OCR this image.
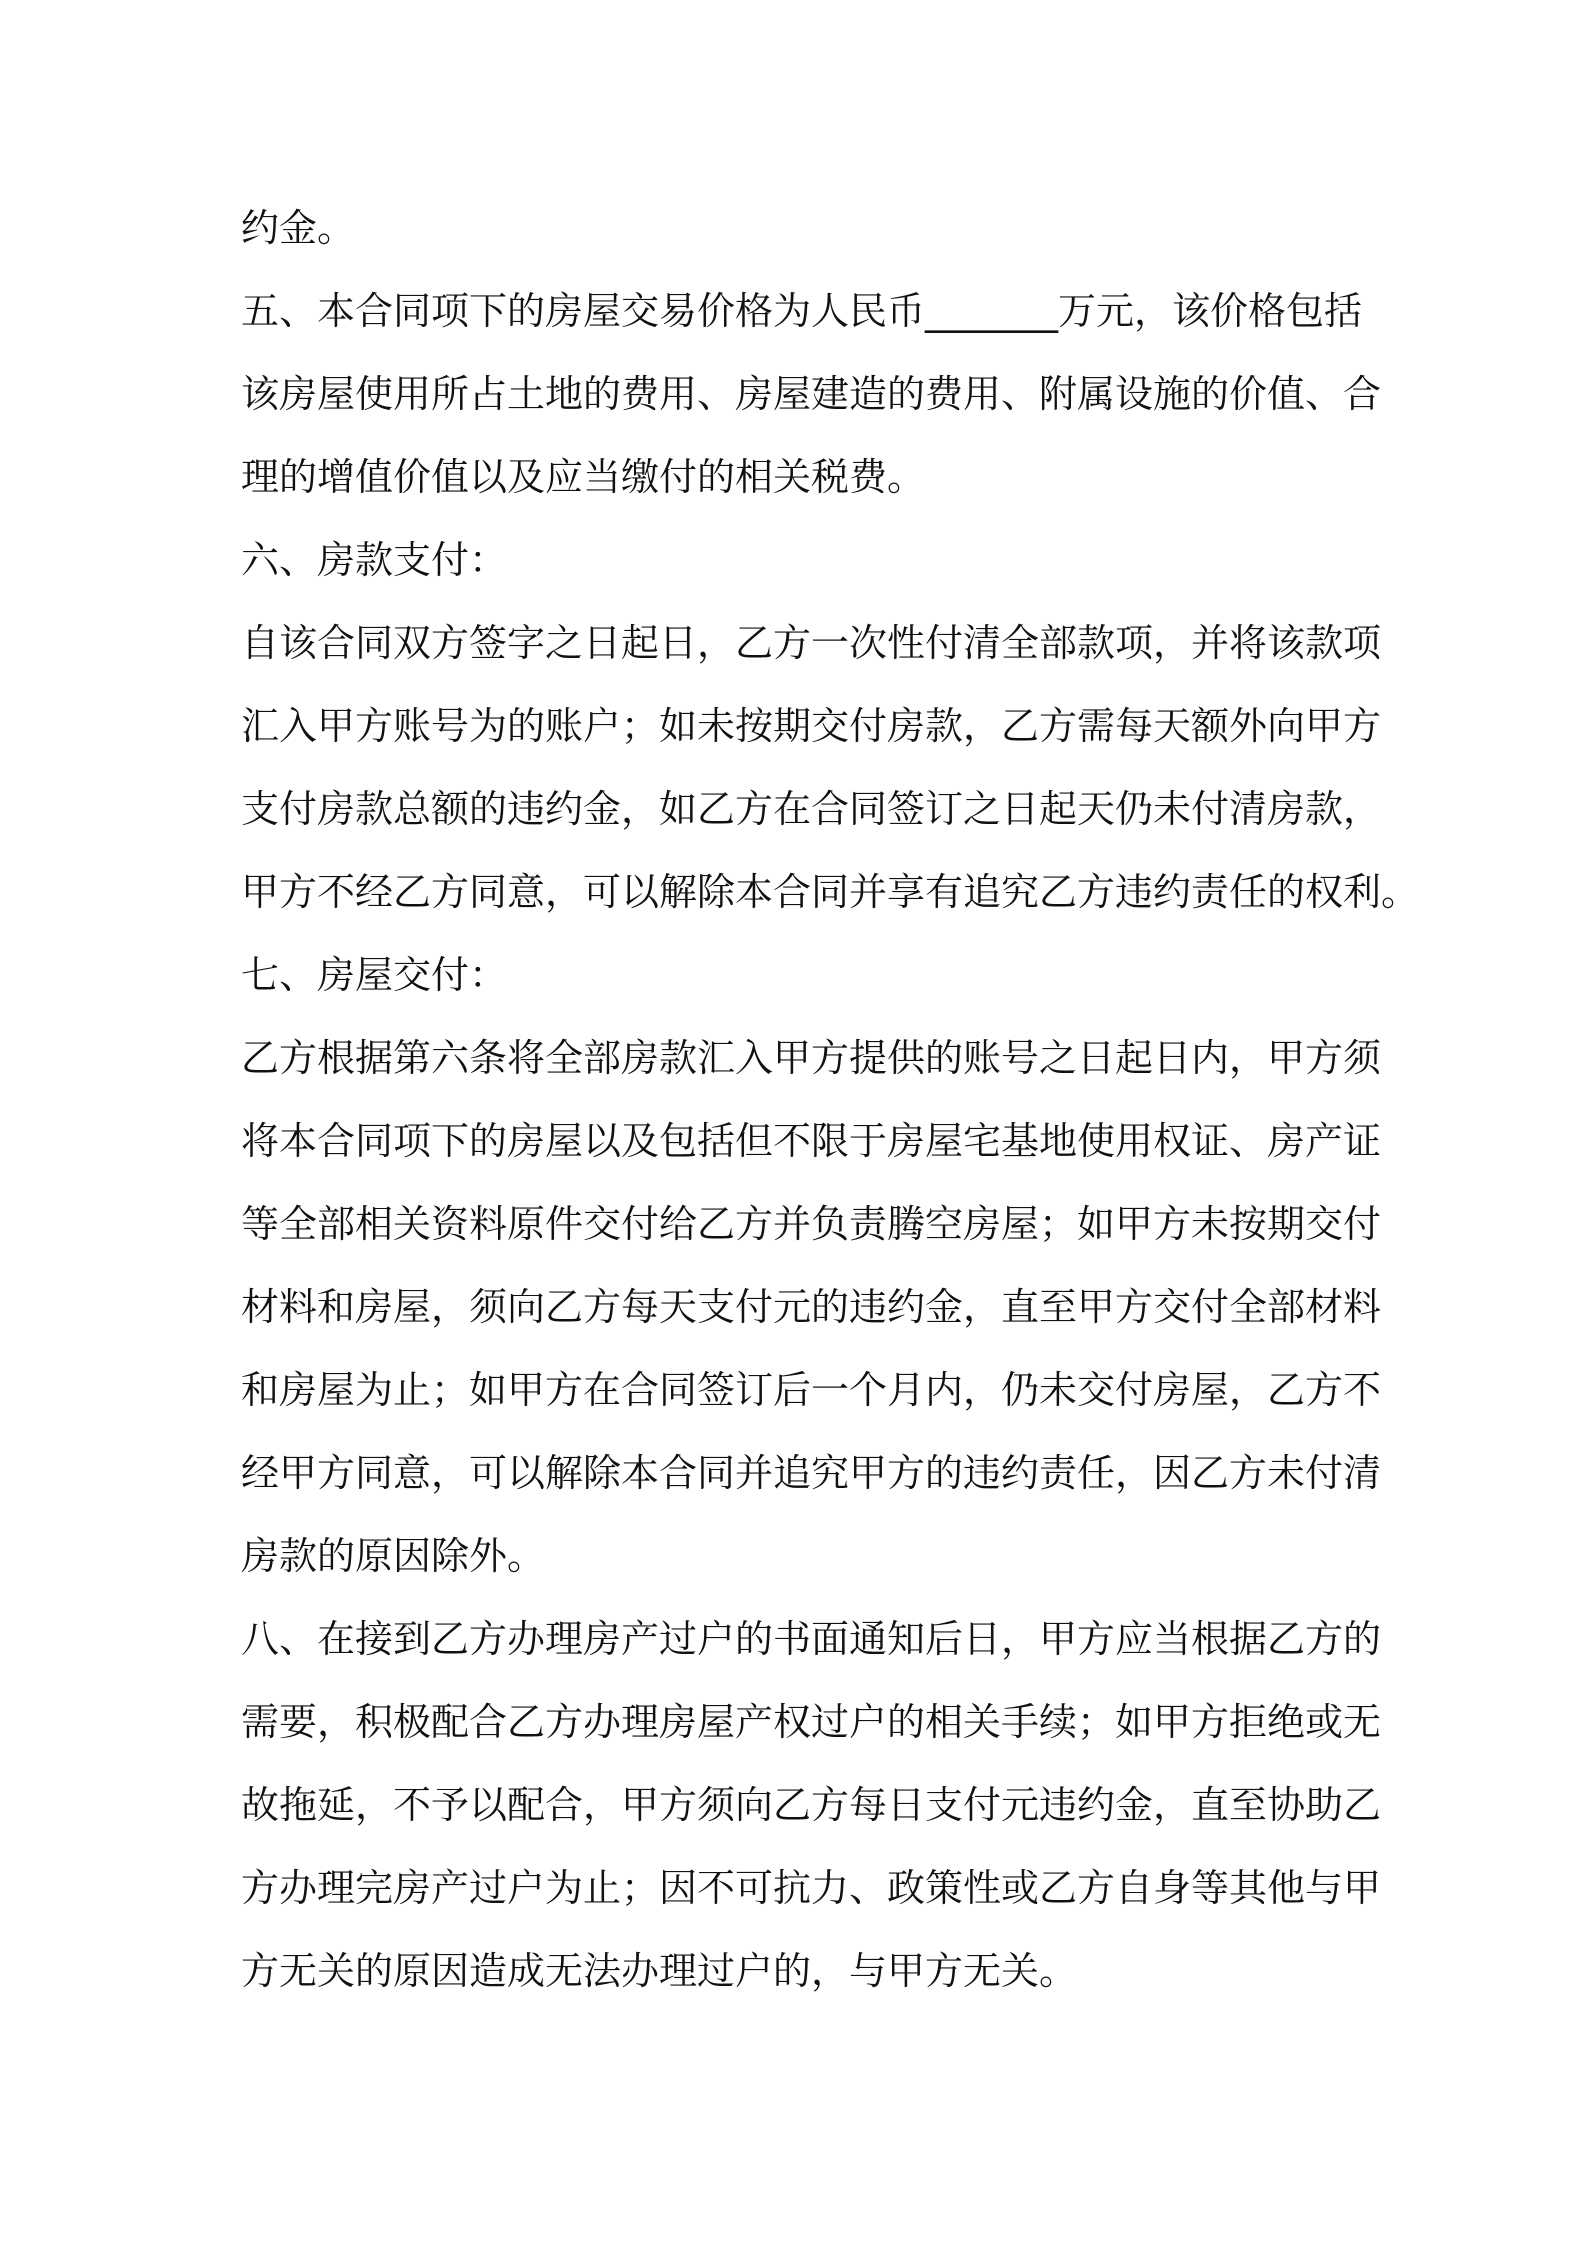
约金。
五、本合同项下的房屋交易价格为人民币_______万元，该价格包括
该房屋使用所占土地的费用、房屋建造的费用、附属设施的价值、合
理的增值价值以及应当缴付的相关税费。
六、房款支付：
自该合同双方签字之日起日，乙方一次性付清全部款项，并将该款项
汇入甲方账号为的账户；如未按期交付房款，乙方需每天额外向甲方
支付房款总额的违约金，如乙方在合同签订之日起天仍未付清房款，
甲方不经乙方同意，可以解除本合同并享有追究乙方违约责任的权利。
七、房屋交付：
乙方根据第六条将全部房款汇入甲方提供的账号之日起日内，甲方须
将本合同项下的房屋以及包括但不限于房屋宅基地使用权证、房产证
等全部相关资料原件交付给乙方并负责腾空房屋；如甲方未按期交付
材料和房屋，须向乙方每天支付元的违约金，直至甲方交付全部材料
和房屋为止；如甲方在合同签订后一个月内，仍未交付房屋，乙方不
经甲方同意，可以解除本合同并追究甲方的违约责任，因乙方未付清
房款的原因除外。
八、在接到乙方办理房产过户的书面通知后日，甲方应当根据乙方的
需要，积极配合乙方办理房屋产权过户的相关手续；如甲方拒绝或无
故拖延，不予以配合，甲方须向乙方每日支付元违约金，直至协助乙
方办理完房产过户为止；因不可抗力、政策性或乙方自身等其他与甲
方无关的原因造成无法办理过户的，与甲方无关。
